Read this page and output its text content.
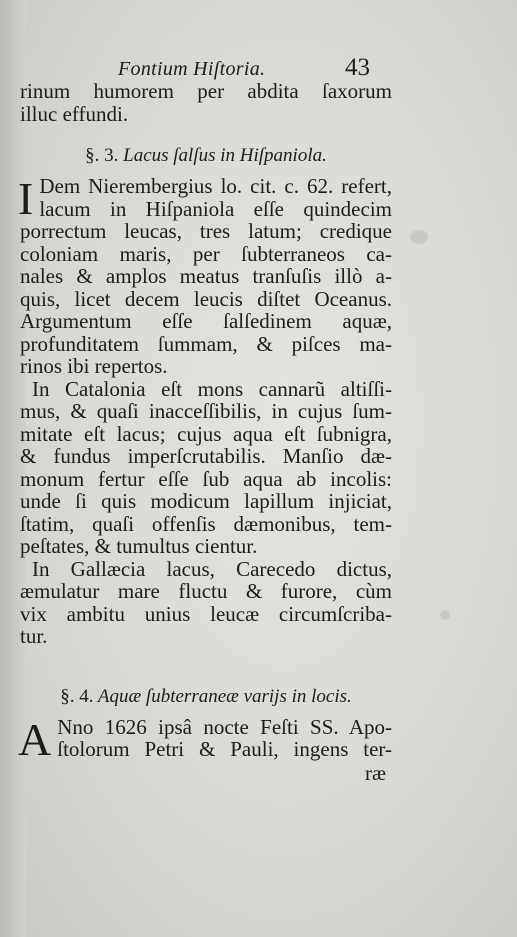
Fontium Hiſtoria.	43
rinum humorem per abdita ſaxorum
illuc effundi.
§. 3. Lacus ſalſus in Hiſpaniola.
I Dem Nierembergius lo. cit. c. 62. refert,
lacum in Hiſpaniola eſſe quindecim
porrectum leucas, tres latum; credique
coloniam maris, per ſubterraneos ca-
nales & amplos meatus tranſuſis illò a-
quis, licet decem leucis diſtet Oceanus.
Argumentum eſſe ſalſedinem aquæ,
profunditatem ſummam, & piſces ma-
rinos ibi repertos.
In Catalonia eſt mons cannarũ altiſſi-
mus, & quaſi inacceſſibilis, in cujus ſum-
mitate eſt lacus; cujus aqua eſt ſubnigra,
& fundus imperſcrutabilis. Manſio dæ-
monum fertur eſſe ſub aqua ab incolis:
unde ſi quis modicum lapillum injiciat,
ſtatim, quaſi offenſis dæmonibus, tem-
peſtates, & tumultus cientur.
In Gallæcia lacus, Carecedo dictus,
æmulatur mare fluctu & furore, cùm
vix ambitu unius leucæ circumſcriba-
tur.
§. 4. Aquæ ſubterraneæ varijs in locis.
A Nno 1626 ipsâ nocte Feſti SS. Apo-
ſtolorum Petri & Pauli, ingens ter-
ræ
